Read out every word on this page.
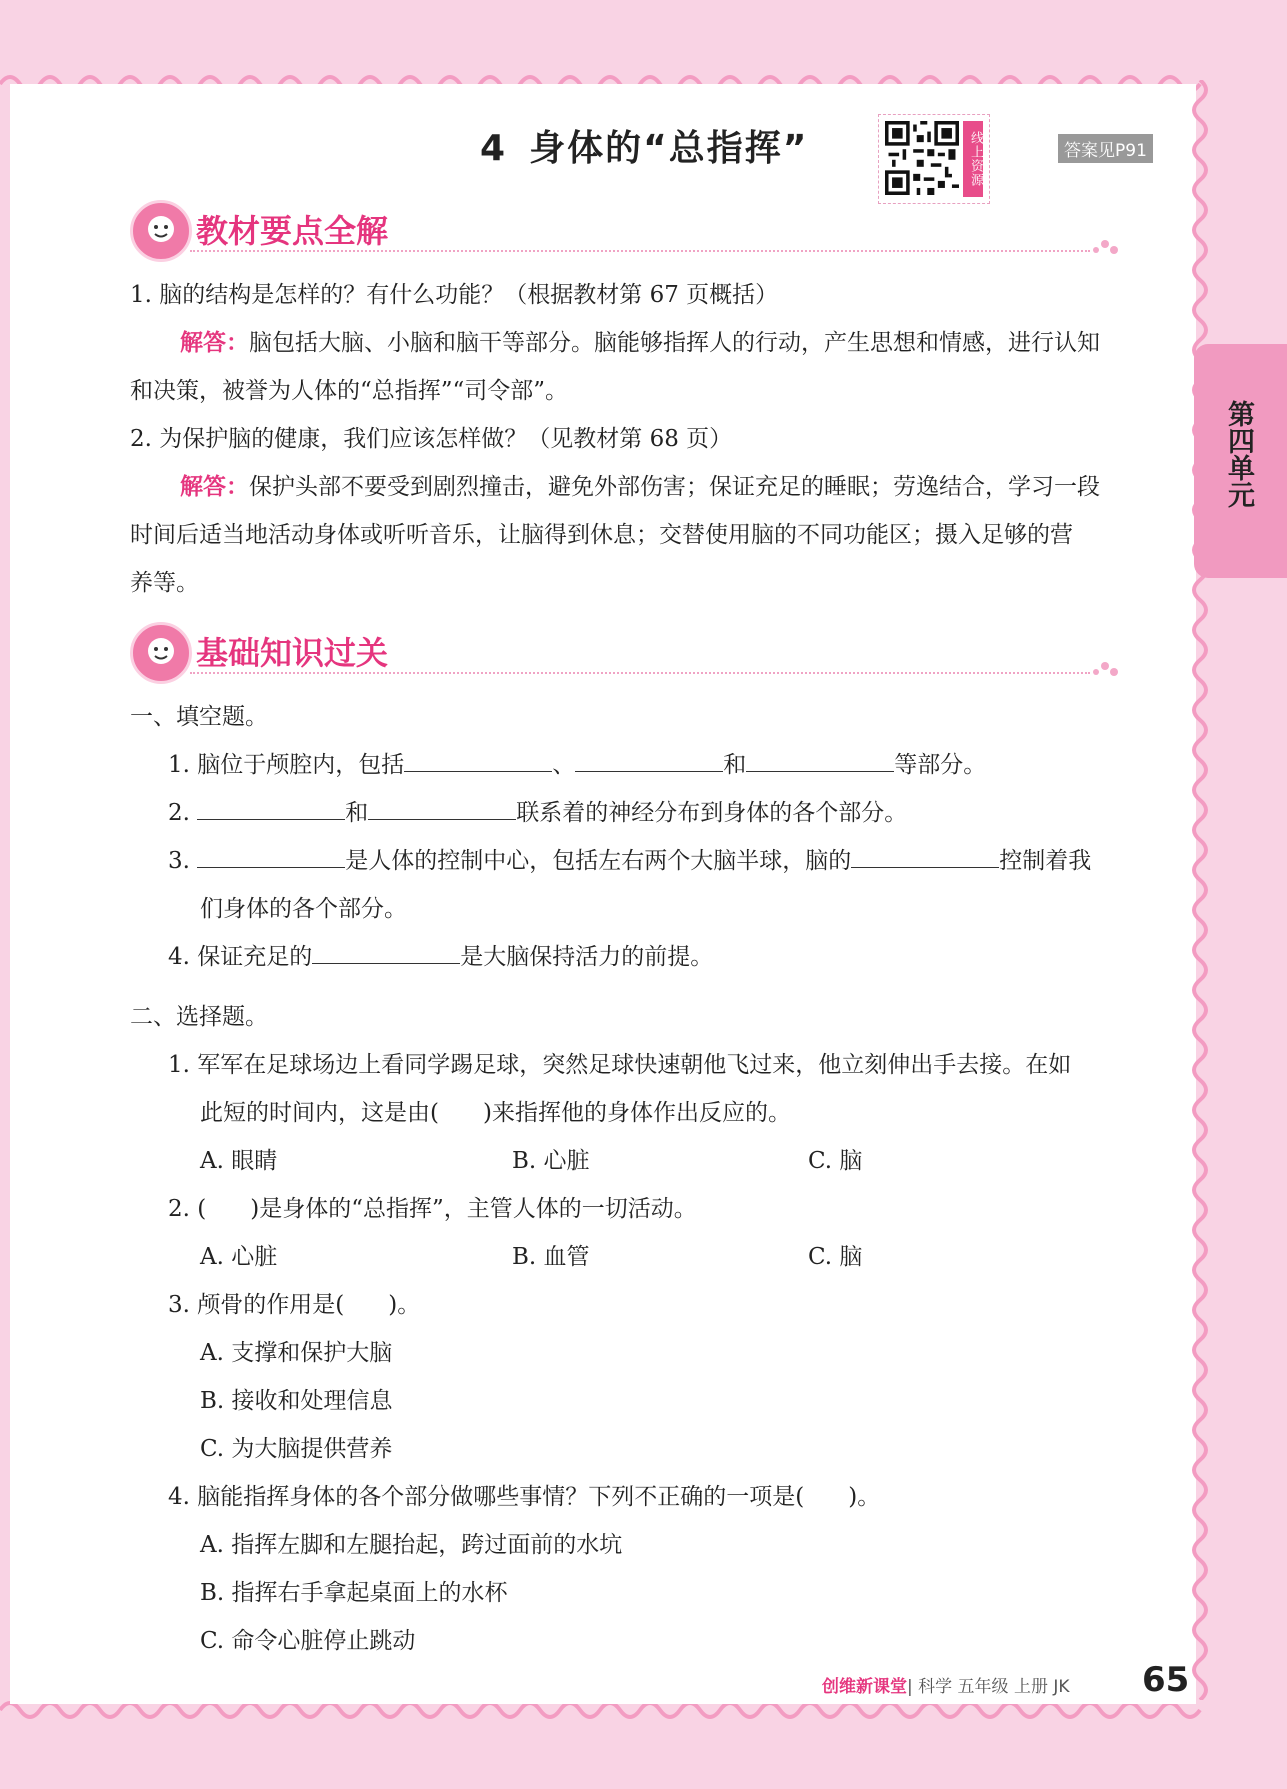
4 身体的“总指挥”	线上资源	答案见P91
第四单元
教材要点全解
1. 脑的结构是怎样的？有什么功能？（根据教材第 67 页概括）
解答：脑包括大脑、小脑和脑干等部分。脑能够指挥人的行动，产生思想和情感，进行认知
和决策，被誉为人体的“总指挥”“司令部”。
2. 为保护脑的健康，我们应该怎样做？（见教材第 68 页）
解答：保护头部不要受到剧烈撞击，避免外部伤害；保证充足的睡眠；劳逸结合，学习一段
时间后适当地活动身体或听听音乐，让脑得到休息；交替使用脑的不同功能区；摄入足够的营
养等。
基础知识过关
一、填空题。
1. 脑位于颅腔内，包括	、	和	等部分。
2.	和	联系着的神经分布到身体的各个部分。
3.	是人体的控制中心，包括左右两个大脑半球，脑的	控制着我
们身体的各个部分。
4. 保证充足的	是大脑保持活力的前提。
二、选择题。
1. 军军在足球场边上看同学踢足球，突然足球快速朝他飞过来，他立刻伸出手去接。在如
此短的时间内，这是由( )来指挥他的身体作出反应的。
A. 眼睛	B. 心脏	C. 脑
2. ( )是身体的“总指挥”，主管人体的一切活动。
A. 心脏	B. 血管	C. 脑
3. 颅骨的作用是( )。
A. 支撑和保护大脑
B. 接收和处理信息
C. 为大脑提供营养
4. 脑能指挥身体的各个部分做哪些事情？下列不正确的一项是( )。
A. 指挥左脚和左腿抬起，跨过面前的水坑
B. 指挥右手拿起桌面上的水杯
C. 命令心脏停止跳动
创维新课堂| 科学 五年级 上册 JK 65
